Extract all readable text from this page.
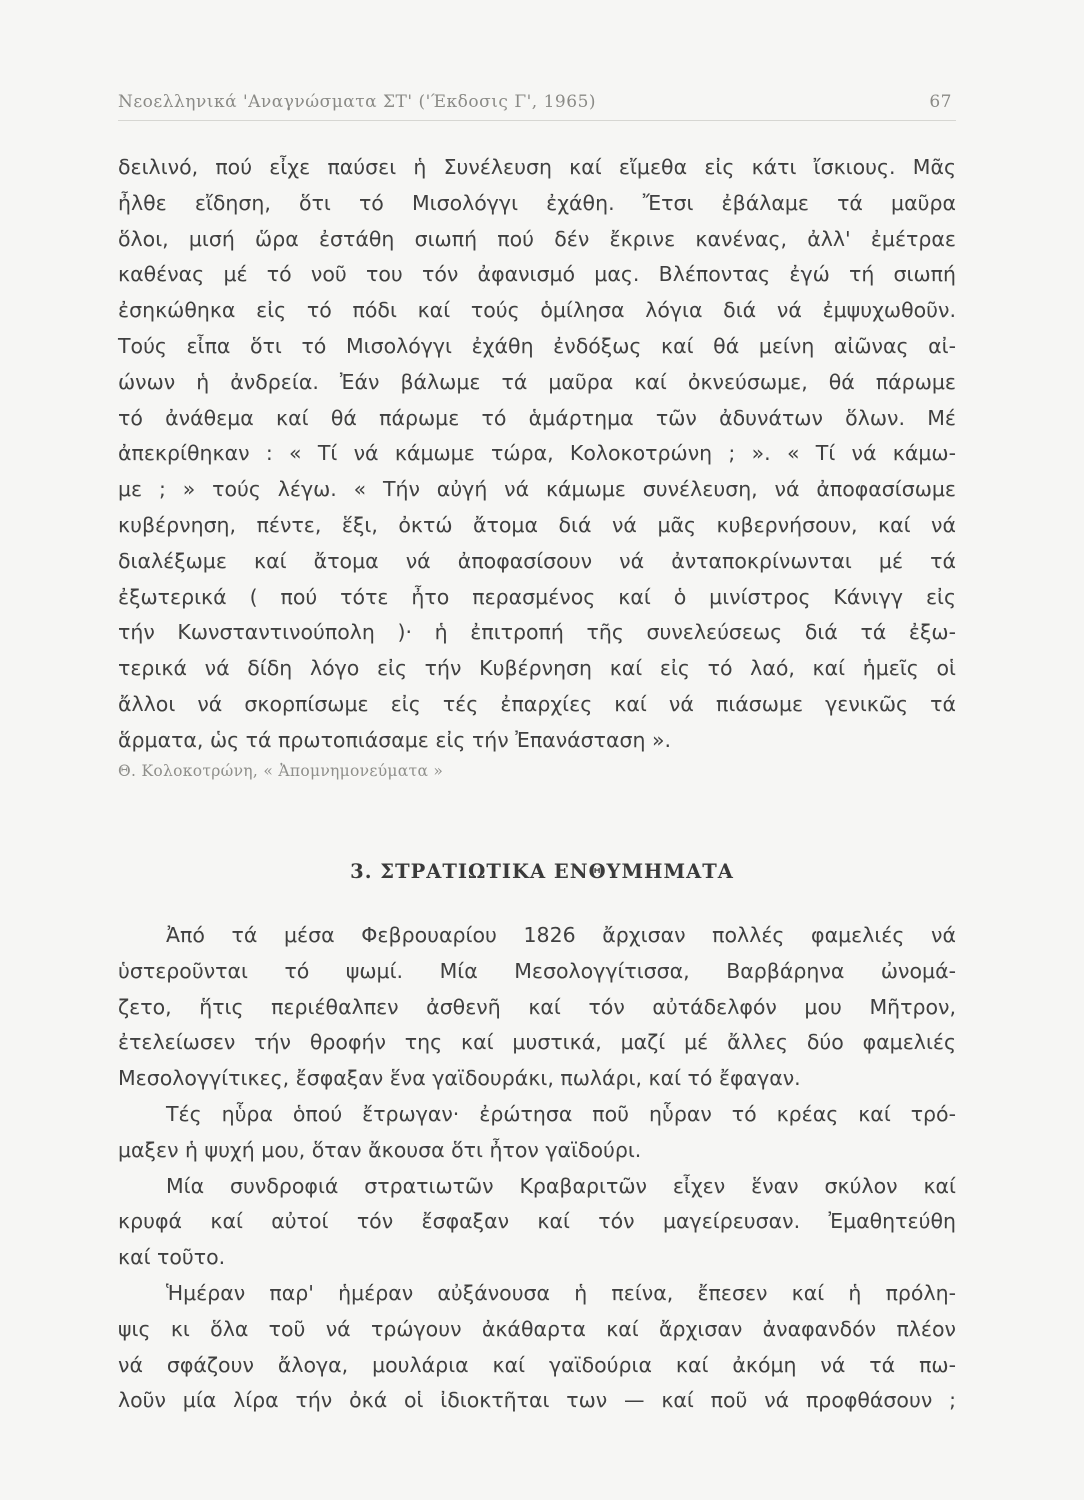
Νεοελληνικά 'Αναγνώσματα ΣΤ' ('Έκδοσις Γ', 1965)	67
δειλινό, πού εἶχε παύσει ἡ Συνέλευση καί εἴμεθα εἰς κάτι ἴσκιους. Μᾶς
ἦλθε εἴδηση, ὅτι τό Μισολόγγι ἐχάθη. Ἔτσι ἐβάλαμε τά μαῦρα
ὅλοι, μισή ὥρα ἐστάθη σιωπή πού δέν ἔκρινε κανένας, ἀλλ' ἐμέτραε
καθένας μέ τό νοῦ του τόν ἀφανισμό μας. Βλέποντας ἐγώ τή σιωπή
ἐσηκώθηκα εἰς τό πόδι καί τούς ὁμίλησα λόγια διά νά ἐμψυχωθοῦν.
Τούς εἶπα ὅτι τό Μισολόγγι ἐχάθη ἐνδόξως καί θά μείνη αἰῶνας αἰ-
ώνων ἡ ἀνδρεία. Ἐάν βάλωμε τά μαῦρα καί ὀκνεύσωμε, θά πάρωμε
τό ἀνάθεμα καί θά πάρωμε τό ἁμάρτημα τῶν ἀδυνάτων ὅλων. Μέ
ἀπεκρίθηκαν : « Τί νά κάμωμε τώρα, Κολοκοτρώνη ; ». « Τί νά κάμω-
με ; » τούς λέγω. « Τήν αὐγή νά κάμωμε συνέλευση, νά ἀποφασίσωμε
κυβέρνηση, πέντε, ἕξι, ὀκτώ ἄτομα διά νά μᾶς κυβερνήσουν, καί νά
διαλέξωμε καί ἄτομα νά ἀποφασίσουν νά ἀνταποκρίνωνται μέ τά
ἐξωτερικά ( πού τότε ἦτο περασμένος καί ὁ μινίστρος Κάνιγγ εἰς
τήν Κωνσταντινούπολη )· ἡ ἐπιτροπή τῆς συνελεύσεως διά τά ἐξω-
τερικά νά δίδη λόγο εἰς τήν Κυβέρνηση καί εἰς τό λαό, καί ἡμεῖς οἱ
ἄλλοι νά σκορπίσωμε εἰς τές ἐπαρχίες καί νά πιάσωμε γενικῶς τά
ἅρματα, ὡς τά πρωτοπιάσαμε εἰς τήν Ἐπανάσταση ».
Θ. Κολοκοτρώνη, « Ἀπομνημονεύματα »
3. ΣΤΡΑΤΙΩΤΙΚΑ ΕΝΘΥΜΗΜΑΤΑ
Ἀπό τά μέσα Φεβρουαρίου 1826 ἄρχισαν πολλές φαμελιές νά
ὑστεροῦνται τό ψωμί. Μία Μεσολογγίτισσα, Βαρβάρηνα ὠνομά-
ζετο, ἥτις περιέθαλπεν ἀσθενῆ καί τόν αὐτάδελφόν μου Μῆτρον,
ἐτελείωσεν τήν θροφήν της καί μυστικά, μαζί μέ ἄλλες δύο φαμελιές
Μεσολογγίτικες, ἔσφαξαν ἕνα γαϊδουράκι, πωλάρι, καί τό ἔφαγαν.
Τές ηὗρα ὁπού ἔτρωγαν· ἐρώτησα ποῦ ηὗραν τό κρέας καί τρό-
μαξεν ἡ ψυχή μου, ὅταν ἄκουσα ὅτι ἦτον γαϊδούρι.
Μία συνδροφιά στρατιωτῶν Κραβαριτῶν εἶχεν ἕναν σκύλον καί
κρυφά καί αὐτοί τόν ἔσφαξαν καί τόν μαγείρευσαν. Ἐμαθητεύθη
καί τοῦτο.
Ἡμέραν παρ' ἡμέραν αὐξάνουσα ἡ πείνα, ἔπεσεν καί ἡ πρόλη-
ψις κι ὅλα τοῦ νά τρώγουν ἀκάθαρτα καί ἄρχισαν ἀναφανδόν πλέον
νά σφάζουν ἄλογα, μουλάρια καί γαϊδούρια καί ἀκόμη νά τά πω-
λοῦν μία λίρα τήν ὀκά οἱ ἰδιοκτῆται των — καί ποῦ νά προφθάσουν ;
